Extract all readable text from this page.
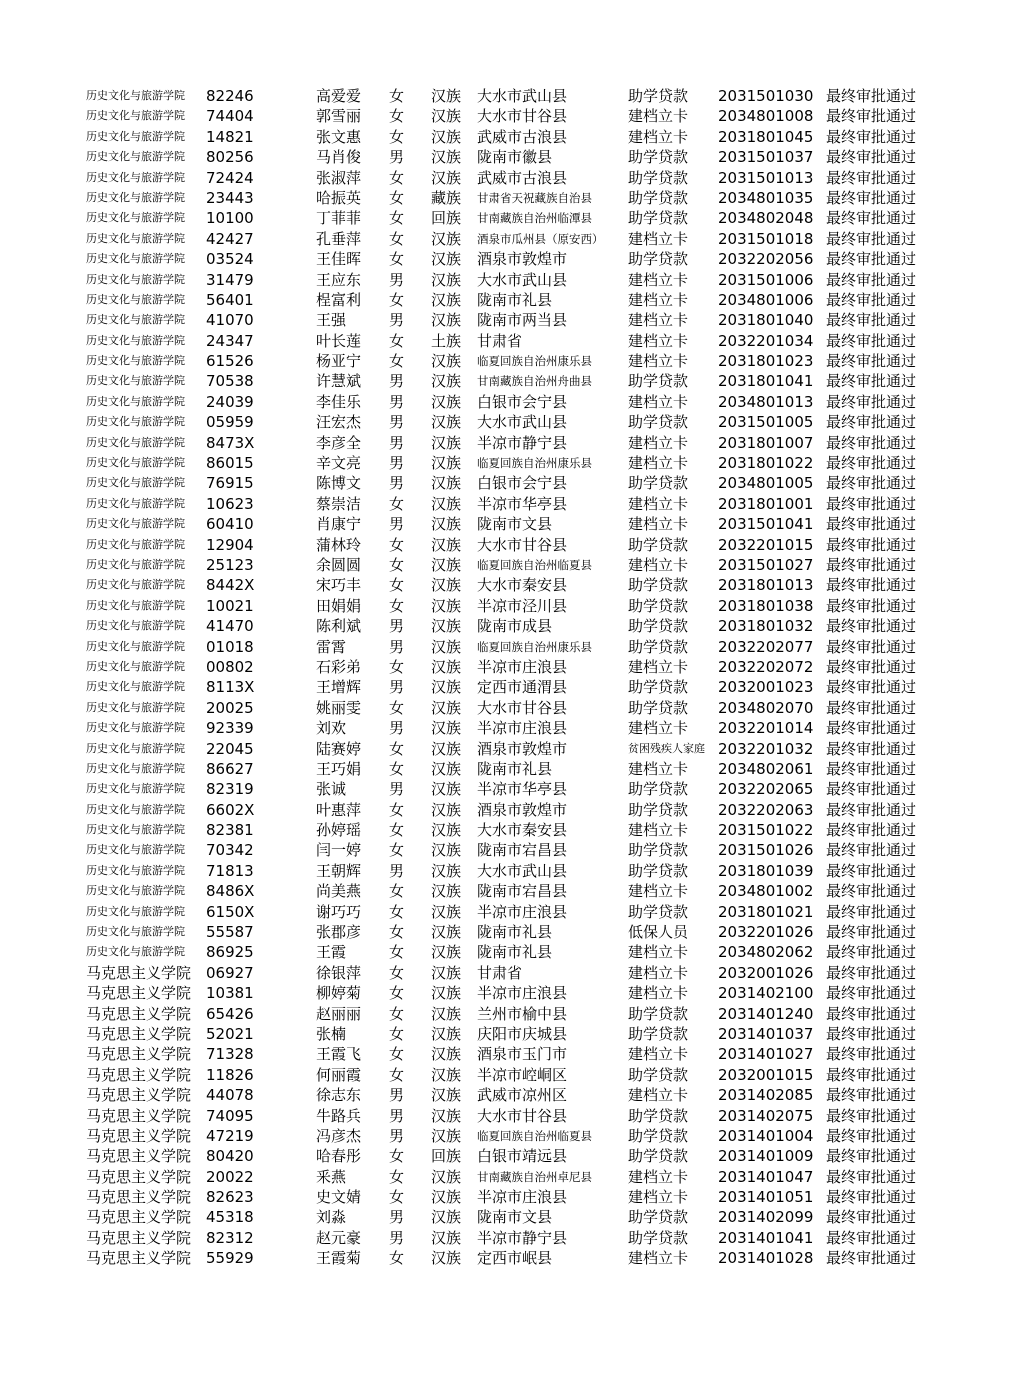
历史文化与旅游学院	82246	高爱爱	女	汉族	大水市武山县	助学贷款	2031501030 最终审批通过
历史文化与旅游学院	74404	郭雪丽	女	汉族	大水市甘谷县	建档立卡	2034801008 最终审批通过
历史文化与旅游学院	14821	张文惠	女	汉族	武威市古浪县	建档立卡	2031801045 最终审批通过
历史文化与旅游学院	80256	马肖俊	男	汉族	陇南市徽县	助学贷款	2031501037 最终审批通过
历史文化与旅游学院	72424	张淑萍	女	汉族	武威市古浪县	助学贷款	2031501013 最终审批通过
历史文化与旅游学院	23443	哈振英	女	藏族	甘肃省天祝藏族自治县	助学贷款	2034801035 最终审批通过
历史文化与旅游学院	10100	丁菲菲	女	回族	甘南藏族自治州临潭县	助学贷款	2034802048 最终审批通过
历史文化与旅游学院	42427	孔垂萍	女	汉族	酒泉市瓜州县（原安西）	建档立卡	2031501018 最终审批通过
历史文化与旅游学院	03524	王佳晖	女	汉族	酒泉市敦煌市	助学贷款	2032202056 最终审批通过
历史文化与旅游学院	31479	王应东	男	汉族	大水市武山县	建档立卡	2031501006 最终审批通过
历史文化与旅游学院	56401	桯富利	女	汉族	陇南市礼县	建档立卡	2034801006 最终审批通过
历史文化与旅游学院	41070	王强	男	汉族	陇南市两当县	建档立卡	2031801040 最终审批通过
历史文化与旅游学院	24347	叶长莲	女	土族	甘肃省	建档立卡	2032201034 最终审批通过
历史文化与旅游学院	61526	杨亚宁	女	汉族	临夏回族自治州康乐县	建档立卡	2031801023 最终审批通过
历史文化与旅游学院	70538	许慧斌	男	汉族	甘南藏族自治州舟曲县	助学贷款	2031801041 最终审批通过
历史文化与旅游学院	24039	李佳乐	男	汉族	白银市会宁县	建档立卡	2034801013 最终审批通过
历史文化与旅游学院	05959	汪宏杰	男	汉族	大水市武山县	助学贷款	2031501005 最终审批通过
历史文化与旅游学院	8473X	李彦全	男	汉族	半凉市静宁县	建档立卡	2031801007 最终审批通过
历史文化与旅游学院	86015	辛文亮	男	汉族	临夏回族自治州康乐县	建档立卡	2031801022 最终审批通过
历史文化与旅游学院	76915	陈博文	男	汉族	白银市会宁县	助学贷款	2034801005 最终审批通过
历史文化与旅游学院	10623	蔡崇洁	女	汉族	半凉市华亭县	建档立卡	2031801001 最终审批通过
历史文化与旅游学院	60410	肖康宁	男	汉族	陇南市文县	建档立卡	2031501041 最终审批通过
历史文化与旅游学院	12904	蒲林玲	女	汉族	大水市甘谷县	助学贷款	2032201015 最终审批通过
历史文化与旅游学院	25123	余圆圆	女	汉族	临夏回族自治州临夏县	建档立卡	2031501027 最终审批通过
历史文化与旅游学院	8442X	宋巧丰	女	汉族	大水市秦安县	助学贷款	2031801013 最终审批通过
历史文化与旅游学院	10021	田娟娟	女	汉族	半凉市泾川县	助学贷款	2031801038 最终审批通过
历史文化与旅游学院	41470	陈利斌	男	汉族	陇南市成县	助学贷款	2031801032 最终审批通过
历史文化与旅游学院	01018	雷霄	男	汉族	临夏回族自治州康乐县	助学贷款	2032202077 最终审批通过
历史文化与旅游学院	00802	石彩弟	女	汉族	半凉市庄浪县	建档立卡	2032202072 最终审批通过
历史文化与旅游学院	8113X	王增辉	男	汉族	定西市通渭县	助学贷款	2032001023 最终审批通过
历史文化与旅游学院	20025	姚丽雯	女	汉族	大水市甘谷县	助学贷款	2034802070 最终审批通过
历史文化与旅游学院	92339	刘欢	男	汉族	半凉市庄浪县	建档立卡	2032201014 最终审批通过
历史文化与旅游学院	22045	陆赛婷	女	汉族	酒泉市敦煌市	贫困残疾人家庭 2032201032 最终审批通过
历史文化与旅游学院	86627	王巧娟	女	汉族	陇南市礼县	建档立卡	2034802061 最终审批通过
历史文化与旅游学院	82319	张诚	男	汉族	半凉市华亭县	助学贷款	2032202065 最终审批通过
历史文化与旅游学院	6602X	叶惠萍	女	汉族	酒泉市敦煌市	助学贷款	2032202063 最终审批通过
历史文化与旅游学院	82381	孙婷瑶	女	汉族	大水市秦安县	建档立卡	2031501022 最终审批通过
历史文化与旅游学院	70342	闫一婷	女	汉族	陇南市宕昌县	助学贷款	2031501026 最终审批通过
历史文化与旅游学院	71813	王朝辉	男	汉族	大水市武山县	助学贷款	2031801039 最终审批通过
历史文化与旅游学院	8486X	尚美燕	女	汉族	陇南市宕昌县	建档立卡	2034801002 最终审批通过
历史文化与旅游学院	6150X	谢巧巧	女	汉族	半凉市庄浪县	助学贷款	2031801021 最终审批通过
历史文化与旅游学院	55587	张郡彦	女	汉族	陇南市礼县	低保人员	2032201026 最终审批通过
历史文化与旅游学院	86925	王霞	女	汉族	陇南市礼县	建档立卡	2034802062 最终审批通过
马克思主义学院 06927	徐银萍	女	汉族	甘肃省	建档立卡	2032001026 最终审批通过
马克思主义学院 10381	柳婷菊	女	汉族	半凉市庄浪县	建档立卡	2031402100 最终审批通过
马克思主义学院 65426	赵丽丽	女	汉族	兰州市榆中县	助学贷款	2031401240 最终审批通过
马克思主义学院 52021	张楠	女	汉族	庆阳市庆城县	助学贷款	2031401037 最终审批通过
马克思主义学院 71328	王霞飞	女	汉族	酒泉市玉门市	建档立卡	2031401027 最终审批通过
马克思主义学院 11826	何丽霞	女	汉族	半凉市崆峒区	助学贷款	2032001015 最终审批通过
马克思主义学院 44078	徐志东	男	汉族	武威市凉州区	建档立卡	2031402085 最终审批通过
马克思主义学院 74095	牛路兵	男	汉族	大水市甘谷县	助学贷款	2031402075 最终审批通过
马克思主义学院 47219	冯彦杰	男	汉族	临夏回族自治州临夏县	助学贷款	2031401004 最终审批通过
马克思主义学院 80420	哈春彤	女	回族	白银市靖远县	助学贷款	2031401009 最终审批通过
马克思主义学院 20022	釆燕	女	汉族	甘南藏族自治州卓尼县	建档立卡	2031401047 最终审批通过
马克思主义学院 82623	史文婧	女	汉族	半凉市庄浪县	建档立卡	2031401051 最终审批通过
马克思主义学院 45318	刘淼	男	汉族	陇南市文县	助学贷款	2031402099 最终审批通过
马克思主义学院 82312	赵元豪	男	汉族	半凉市静宁县	助学贷款	2031401041 最终审批通过
马克思主义学院 55929	王霞菊	女	汉族	定西市岷县	建档立卡	2031401028 最终审批通过
